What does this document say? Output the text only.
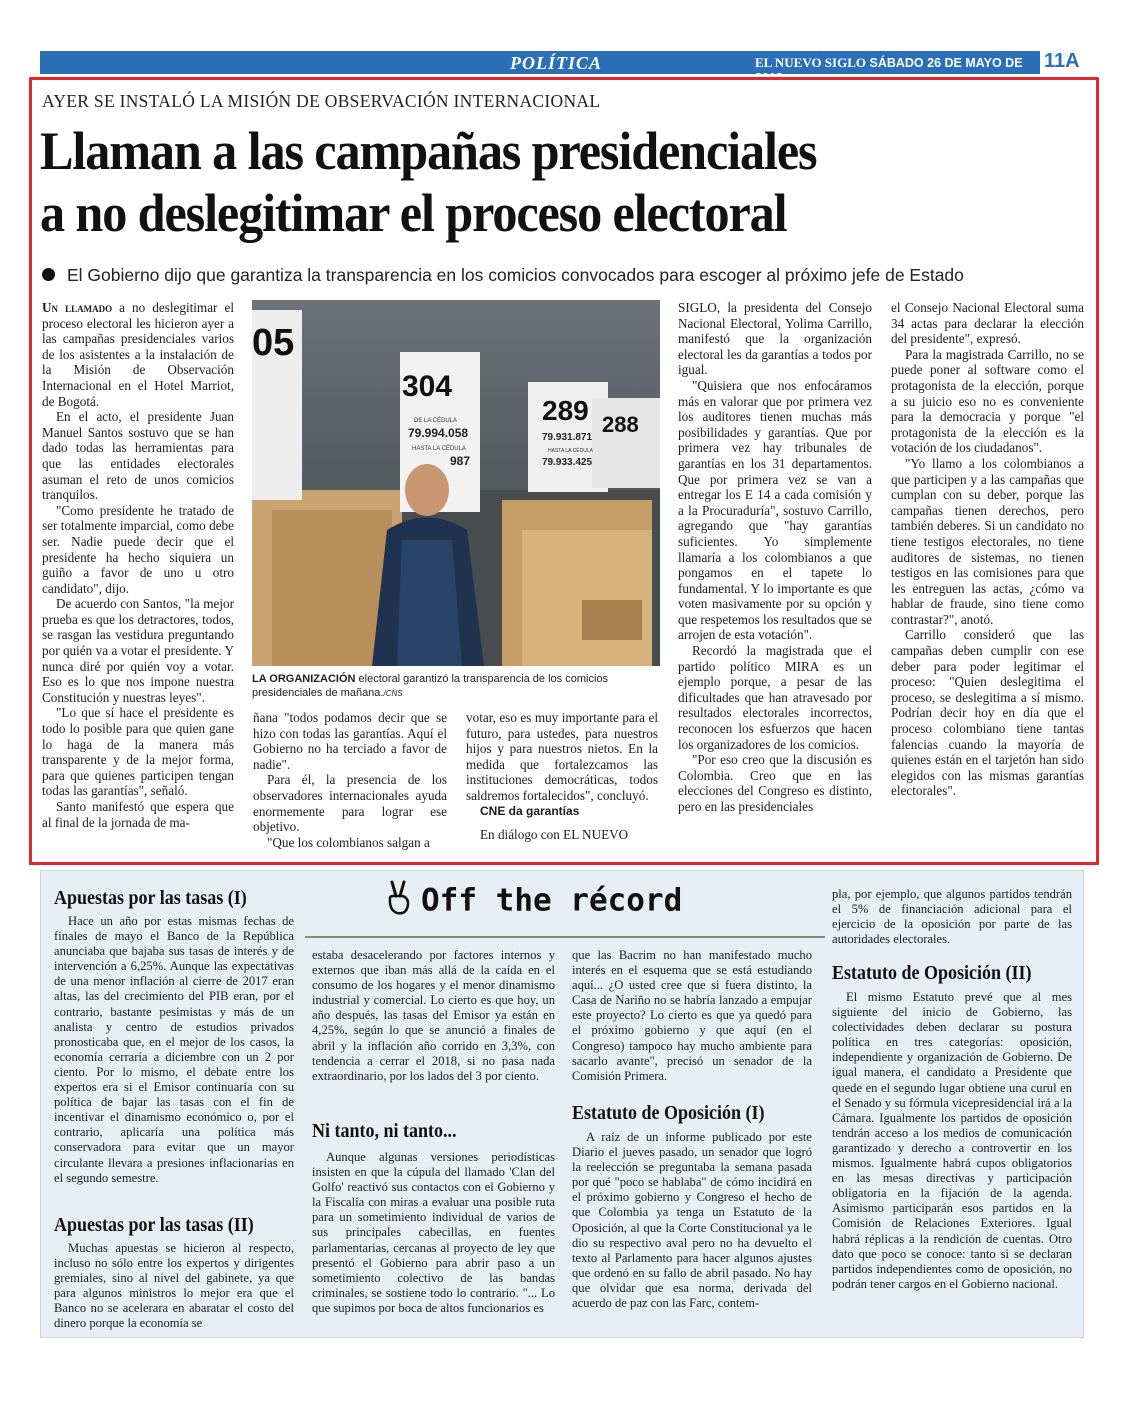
POLÍTICA	EL NUEVO SIGLO SÁBADO 26 DE MAYO DE 2018
11A
AYER SE INSTALÓ LA MISIÓN DE OBSERVACIÓN INTERNACIONAL
Llaman a las campañas presidenciales
a no deslegitimar el proceso electoral
El Gobierno dijo que garantiza la transparencia en los comicios convocados para escoger al próximo jefe de Estado

Un llamado a no deslegitimar el proceso electoral les hicieron ayer a las campañas presidenciales varios de los asistentes a la instalación de la Misión de Observación Internacional en el Hotel Marriot, de Bogotá.

En el acto, el presidente Juan Manuel Santos sostuvo que se han dado todas las herramientas para que las entidades electorales asuman el reto de unos comicios tranquilos.

"Como presidente he tratado de ser totalmente imparcial, como debe ser. Nadie puede decir que el presidente ha hecho siquiera un guiño a favor de uno u otro candidato", dijo.

De acuerdo con Santos, "la mejor prueba es que los detractores, todos, se rasgan las vestidura preguntando por quién va a votar el presidente. Y nunca diré por quién voy a votar. Eso es lo que nos impone nuestra Constitución y nuestras leyes".

"Lo que sí hace el presidente es todo lo posible para que quien gane lo haga de la manera más transparente y de la mejor forma, para que quienes participen tengan todas las garantías", señaló.

Santo manifestó que espera que al final de la jornada de ma-

304
DE LA CÉDULA
79.994.058
HASTA LA CÉDULA
987
289
79.931.871
HASTA LA CÉDULA
79.933.425
288
05
LA ORGANIZACIÓN electoral garantizó la transparencia de los comicios presidenciales de mañana./CNS

ñana "todos podamos decir que se hizo con todas las garantías. Aquí el Gobierno no ha terciado a favor de nadie".

Para él, la presencia de los observadores internacionales ayuda enormemente para lograr ese objetivo.

"Que los colombianos salgan a

votar, eso es muy importante para el futuro, para ustedes, para nuestros hijos y para nuestros nietos. En la medida que fortalezcamos las instituciones democráticas, todos saldremos fortalecidos", concluyó.

CNE da garantías

En diálogo con EL NUEVO

SIGLO, la presidenta del Consejo Nacional Electoral, Yolima Carrillo, manifestó que la organización electoral les da garantías a todos por igual.

"Quisiera que nos enfocáramos más en valorar que por primera vez los auditores tienen muchas más posibilidades y garantías. Que por primera vez hay tribunales de garantías en los 31 departamentos. Que por primera vez se van a entregar los E 14 a cada comisión y a la Procuraduría", sostuvo Carrillo, agregando que "hay garantías suficientes. Yo simplemente llamaría a los colombianos a que pongamos en el tapete lo fundamental. Y lo importante es que voten masivamente por su opción y que respetemos los resultados que se arrojen de esta votación".

Recordó la magistrada que el partido político MIRA es un ejemplo porque, a pesar de las dificultades que han atravesado por resultados electorales incorrectos, reconocen los esfuerzos que hacen los organizadores de los comicios.

"Por eso creo que la discusión es Colombia. Creo que en las elecciones del Congreso es distinto, pero en las presidenciales

el Consejo Nacional Electoral suma 34 actas para declarar la elección del presidente", expresó.

Para la magistrada Carrillo, no se puede poner al software como el protagonista de la elección, porque a su juicio eso no es conveniente para la democracia y porque "el protagonista de la elección es la votación de los ciudadanos".

"Yo llamo a los colombianos a que participen y a las campañas que cumplan con su deber, porque las campañas tienen derechos, pero también deberes. Si un candidato no tiene testigos electorales, no tiene auditores de sistemas, no tienen testigos en las comisiones para que les entreguen las actas, ¿cómo va hablar de fraude, sino tiene como contrastar?", anotó.

Carrillo consideró que las campañas deben cumplir con ese deber para poder legitimar el proceso: "Quien deslegitima el proceso, se deslegitima a sí mismo. Podrían decir hoy en día que el proceso colombiano tiene tantas falencias cuando la mayoría de quienes están en el tarjetón han sido elegidos con las mismas garantías electorales".

Off the récord
Apuestas por las tasas (I)

Hace un año por estas mismas fechas de finales de mayo el Banco de la República anunciaba que bajaba sus tasas de interés y de intervención a 6,25%. Aunque las expectativas de una menor inflación al cierre de 2017 eran altas, las del crecimiento del PIB eran, por el contrario, bastante pesimistas y más de un analista y centro de estudios privados pronosticaba que, en el mejor de los casos, la economía cerraría a diciembre con un 2 por ciento. Por lo mismo, el debate entre los expertos era si el Emisor continuaría con su política de bajar las tasas con el fin de incentivar el dinamismo económico o, por el contrario, aplicaría una política más conservadora para evitar que un mayor circulante llevara a presiones inflacionarias en el segundo semestre.

Apuestas por las tasas (II)

Muchas apuestas se hicieron al respecto, incluso no sólo entre los expertos y dirigentes gremiales, sino al nivel del gabinete, ya que para algunos ministros lo mejor era que el Banco no se acelerara en abaratar el costo del dinero porque la economía se

estaba desacelerando por factores internos y externos que iban más allá de la caída en el consumo de los hogares y el menor dinamismo industrial y comercial. Lo cierto es que hoy, un año después, las tasas del Emisor ya están en 4,25%, según lo que se anunció a finales de abril y la inflación año corrido en 3,3%, con tendencia a cerrar el 2018, si no pasa nada extraordinario, por los lados del 3 por ciento.

Ni tanto, ni tanto...

Aunque algunas versiones periodísticas insisten en que la cúpula del llamado 'Clan del Golfo' reactivó sus contactos con el Gobierno y la Fiscalía con miras a evaluar una posible ruta para un sometimiento individual de varios de sus principales cabecillas, en fuentes parlamentarias, cercanas al proyecto de ley que presentó el Gobierno para abrir paso a un sometimiento colectivo de las bandas criminales, se sostiene todo lo contrario. "... Lo que supimos por boca de altos funcionarios es

que las Bacrim no han manifestado mucho interés en el esquema que se está estudiando aquí... ¿O usted cree que si fuera distinto, la Casa de Nariño no se habría lanzado a empujar este proyecto? Lo cierto es que ya quedó para el próximo gobierno y que aquí (en el Congreso) tampoco hay mucho ambiente para sacarlo avante", precisó un senador de la Comisión Primera.

Estatuto de Oposición (I)

A raíz de un informe publicado por este Diario el jueves pasado, un senador que logró la reelección se preguntaba la semana pasada por qué "poco se hablaba" de cómo incidirá en el próximo gobierno y Congreso el hecho de que Colombia ya tenga un Estatuto de la Oposición, al que la Corte Constitucional ya le dio su respectivo aval pero no ha devuelto el texto al Parlamento para hacer algunos ajustes que ordenó en su fallo de abril pasado. No hay que olvidar que esa norma, derivada del acuerdo de paz con las Farc, contem-

pla, por ejemplo, que algunos partidos tendrán el 5% de financiación adicional para el ejercicio de la oposición por parte de las autoridades electorales.

Estatuto de Oposición (II)

El mismo Estatuto prevé que al mes siguiente del inicio de Gobierno, las colectividades deben declarar su postura política en tres categorías: oposición, independiente y organización de Gobierno. De igual manera, el candidato a Presidente que quede en el segundo lugar obtiene una curul en el Senado y su fórmula vicepresidencial irá a la Cámara. Igualmente los partidos de oposición tendrán acceso a los medios de comunicación garantizado y derecho a controvertir en los mismos. Igualmente habrá cupos obligatorios en las mesas directivas y participación obligatoria en la fijación de la agenda. Asimismo participarán esos partidos en la Comisión de Relaciones Exteriores. Igual habrá réplicas a la rendición de cuentas. Otro dato que poco se conoce: tanto si se declaran partidos independientes como de oposición, no podrán tener cargos en el Gobierno nacional.
